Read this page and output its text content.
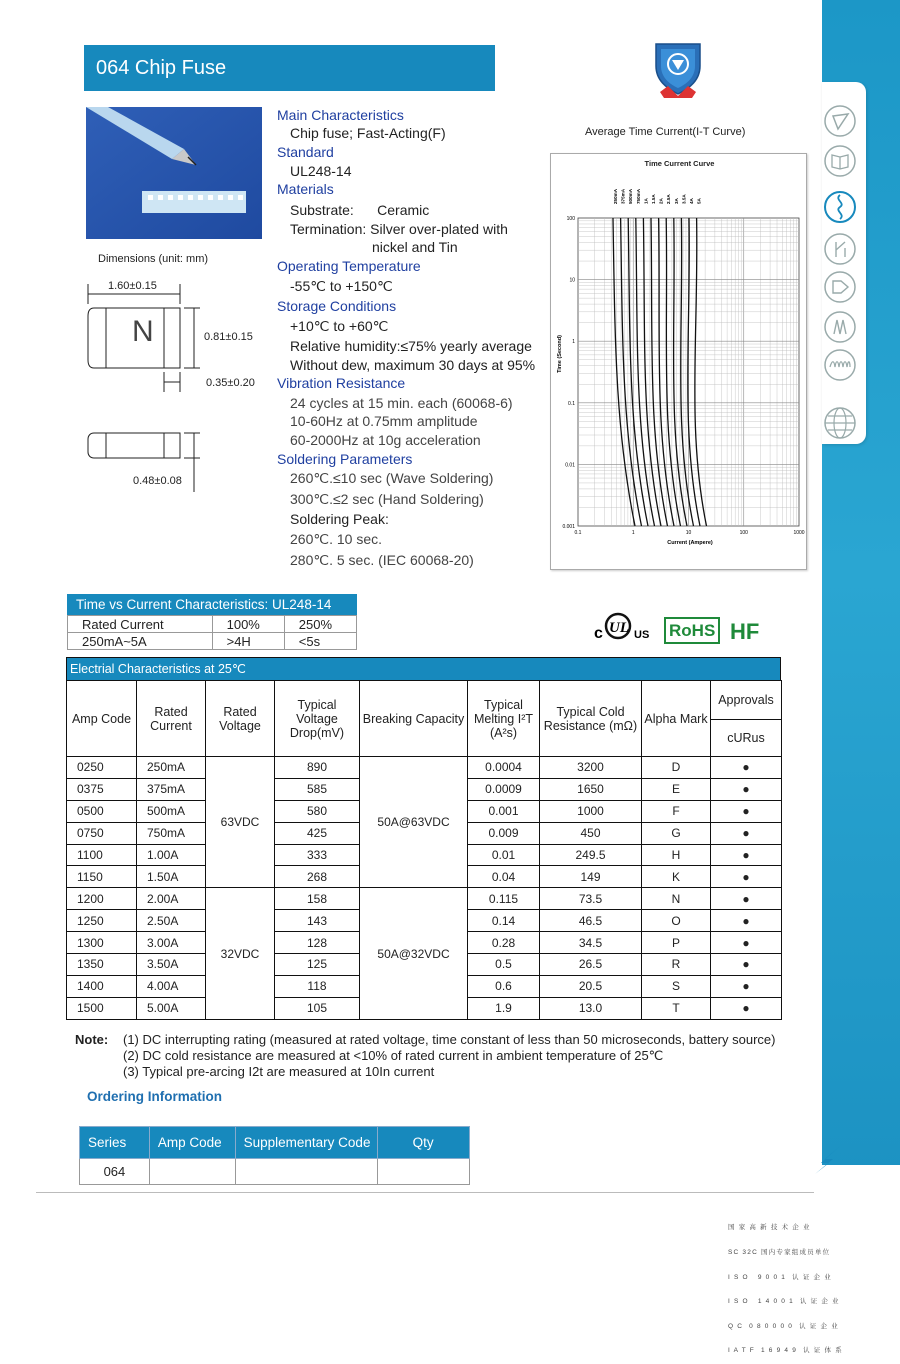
064 Chip Fuse
Dimensions (unit: mm)
N
1.60±0.15
0.81±0.15
0.35±0.20
0.48±0.08
Main Characteristics
Chip fuse; Fast-Acting(F)
Standard
UL248-14
Materials
Substrate:      Ceramic
Termination: Silver over-plated with
nickel and Tin
Operating Temperature
-55℃ to +150℃
Storage Conditions
+10℃ to +60℃
Relative humidity:≤75% yearly average
Without dew, maximum 30 days at 95%
Vibration Resistance
24 cycles at 15 min. each (60068-6)
10-60Hz at 0.75mm amplitude
60-2000Hz at 10g acceleration
Soldering Parameters
260℃.≤10 sec (Wave Soldering)
300℃.≤2 sec (Hand Soldering)
Soldering Peak:
260℃. 10 sec.
280℃. 5 sec. (IEC 60068-20)
Average Time Current(I-T Curve)
Time Current Curve
0.1	1	10	100	1000
100
10
1
0.1
0.01
0.001
250mA 375mA 500mA 750mA 1A 1.5A 2A 2.5A 3A 3.5A 4A 5A
Time (Second)
Current (Ampere)
Time vs Current Characteristics: UL248-14
Rated Current	100%	250%
250mA~5A	>4H	<5s	c UL US RoHS HF
Electrial Characteristics at 25℃
Amp Code	Rated Current	Rated Voltage	Typical Voltage Drop(mV)	Breaking Capacity	Typical Melting I²T (A²s)	Typical Cold Resistance (mΩ)	Alpha Mark	Approvals
								cURus
0250	250mA	63VDC	890	50A@63VDC	0.0004	3200	D	●
0375	375mA		585		0.0009	1650	E	●
0500	500mA		580		0.001	1000	F	●
0750	750mA		425		0.009	450	G	●
1100	1.00A		333		0.01	249.5	H	●
1150	1.50A		268		0.04	149	K	●
1200	2.00A	32VDC	158	50A@32VDC	0.115	73.5	N	●
1250	2.50A		143		0.14	46.5	O	●
1300	3.00A		128		0.28	34.5	P	●
1350	3.50A		125		0.5	26.5	R	●
1400	4.00A		118		0.6	20.5	S	●
1500	5.00A		105		1.9	13.0	T	●
Note: (1) DC interrupting rating (measured at rated voltage, time constant of less than 50 microseconds, battery source)
(2) DC cold resistance are measured at <10% of rated current in ambient temperature of 25℃
(3) Typical pre-arcing I2t are measured at 10In current
Ordering Information
Series	Amp Code	Supplementary Code	Qty
064			

国 家 高 新 技 术 企 业

SC 32C 国内专家组成员单位

I S O   9 0 0 1  认 证 企 业

I S O   1 4 0 0 1  认 证 企 业

Q C  0 8 0 0 0 0  认 证 企 业

I A T F  1 6 9 4 9  认 证 体 系
